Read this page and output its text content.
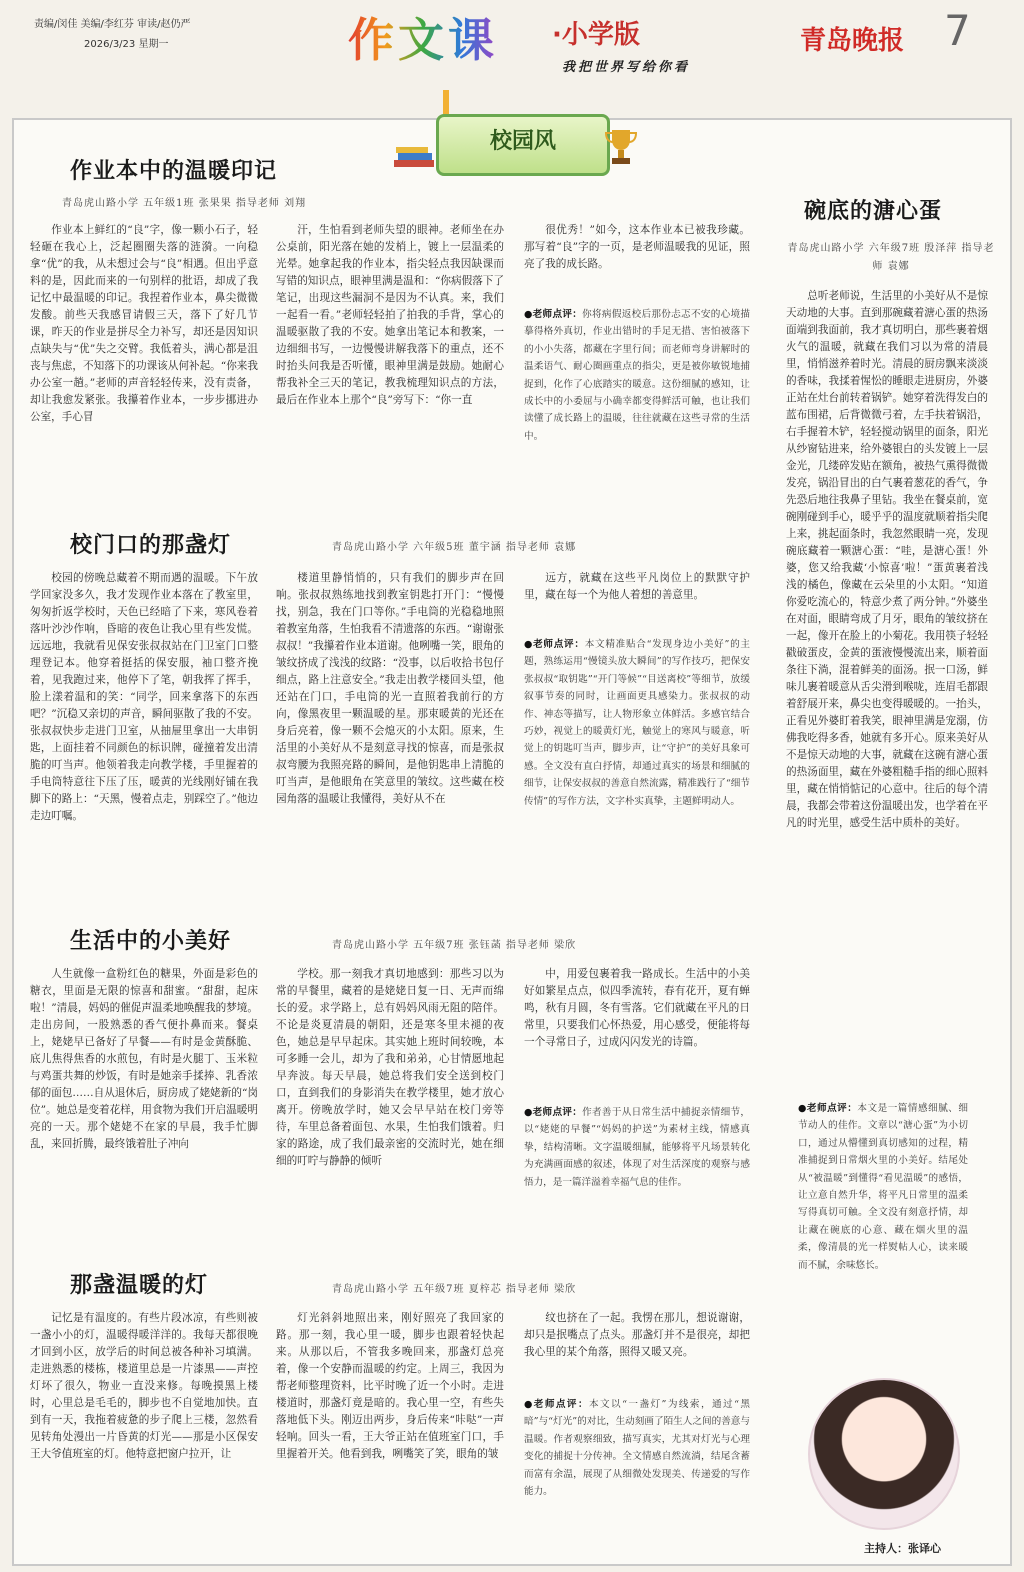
责编/闵佳 美编/李红芬 审读/赵仍严
2026/3/23 星期一	作文课 ·小学版
我把世界写给你看
青岛晚报 7
校园风
作业本中的温暖印记
青岛虎山路小学 五年级1班 张果果 指导老师 刘翔

作业本上鲜红的“良”字，像一颗小石子，轻轻砸在我心上，泛起圈圈失落的涟漪。一向稳拿“优”的我，从未想过会与“良”相遇。但出乎意料的是，因此而来的一句别样的批语，却成了我记忆中最温暖的印记。我捏着作业本，鼻尖微微发酸。前些天我感冒请假三天，落下了好几节课，昨天的作业是拼尽全力补写，却还是因知识点缺失与“优”失之交臂。我低着头，满心都是沮丧与焦虑，不知落下的功课该从何补起。“你来我办公室一趟。”老师的声音轻轻传来，没有责备，却让我愈发紧张。我攥着作业本，一步步挪进办公室，手心冒

汗，生怕看到老师失望的眼神。老师坐在办公桌前，阳光落在她的发梢上，镀上一层温柔的光晕。她拿起我的作业本，指尖轻点我因缺课而写错的知识点，眼神里满是温和：“你病假落下了笔记，出现这些漏洞不是因为不认真。来，我们一起看一看。”老师轻轻拍了拍我的手背，掌心的温暖驱散了我的不安。她拿出笔记本和教案，一边细细书写，一边慢慢讲解我落下的重点，还不时抬头问我是否听懂，眼神里满是鼓励。她耐心帮我补全三天的笔记，教我梳理知识点的方法，最后在作业本上那个“良”旁写下：“你一直

很优秀！”如今，这本作业本已被我珍藏。那写着“良”字的一页，是老师温暖我的见证，照亮了我的成长路。

●老师点评：你将病假返校后那份忐忑不安的心境描摹得格外真切，作业出错时的手足无措、害怕被落下的小小失落，都藏在字里行间；而老师弯身讲解时的温柔语气、耐心圈画重点的指尖，更是被你敏锐地捕捉到，化作了心底踏实的暖意。这份细腻的感知，让成长中的小委屈与小确幸都变得鲜活可触，也让我们读懂了成长路上的温暖，往往就藏在这些寻常的生活中。
碗底的溏心蛋
青岛虎山路小学 六年级7班 殷泽萍 指导老师 袁娜

总听老师说，生活里的小美好从不是惊天动地的大事。直到那碗藏着溏心蛋的热汤面端到我面前，我才真切明白，那些裹着烟火气的温暖，就藏在我们习以为常的清晨里，悄悄滋养着时光。清晨的厨房飘来淡淡的香味，我揉着惺忪的睡眼走进厨房，外婆正站在灶台前转着锅铲。她穿着洗得发白的蓝布围裙，后背微微弓着，左手扶着锅沿，右手握着木铲，轻轻搅动锅里的面条，阳光从纱窗钻进来，给外婆银白的头发镀上一层金光，几缕碎发贴在额角，被热气熏得微微发亮，锅沿冒出的白气裹着葱花的香气，争先恐后地往我鼻子里钻。我坐在餐桌前，宽碗刚碰到手心，暖乎乎的温度就顺着指尖爬上来，挑起面条时，我忽然眼睛一亮，发现碗底藏着一颗溏心蛋：“哇，是溏心蛋！外婆，您又给我藏‘小惊喜’啦！”蛋黄裹着浅浅的橘色，像藏在云朵里的小太阳。“知道你爱吃流心的，特意少煮了两分钟。”外婆坐在对面，眼睛弯成了月牙，眼角的皱纹挤在一起，像开在脸上的小菊花。我用筷子轻轻戳破蛋皮，金黄的蛋液慢慢流出来，顺着面条往下淌，混着鲜美的面汤。抿一口汤，鲜味儿裹着暖意从舌尖滑到喉咙，连眉毛都跟着舒展开来，鼻尖也变得暖暖的。一抬头，正看见外婆盯着我笑，眼神里满是宠溺，仿佛我吃得多香，她就有多开心。原来美好从不是惊天动地的大事，就藏在这碗有溏心蛋的热汤面里，藏在外婆粗糙手指的细心照料里，藏在悄悄惦记的心意中。往后的每个清晨，我都会带着这份温暖出发，也学着在平凡的时光里，感受生活中质朴的美好。

●老师点评：本文是一篇情感细腻、细节动人的佳作。文章以“溏心蛋”为小切口，通过从懵懂到真切感知的过程，精准捕捉到日常烟火里的小美好。结尾处从“被温暖”到懂得“看见温暖”的感悟，让立意自然升华，将平凡日常里的温柔写得真切可触。全文没有刻意抒情，却让藏在碗底的心意、藏在烟火里的温柔，像清晨的光一样熨帖人心，读来暖而不腻，余味悠长。
校门口的那盏灯	青岛虎山路小学 六年级5班 董宇涵 指导老师 袁娜

校园的傍晚总藏着不期而遇的温暖。下午放学回家没多久，我才发现作业本落在了教室里，匆匆折返学校时，天色已经暗了下来，寒风卷着落叶沙沙作响，昏暗的夜色让我心里有些发慌。远远地，我就看见保安张叔叔站在门卫室门口整理登记本。他穿着挺括的保安服，袖口整齐挽着，见我跑过来，他停下了笔，朝我挥了挥手，脸上漾着温和的笑：“同学，回来拿落下的东西吧？”沉稳又亲切的声音，瞬间驱散了我的不安。张叔叔快步走进门卫室，从抽屉里拿出一大串钥匙，上面挂着不同颜色的标识牌，碰撞着发出清脆的叮当声。他领着我走向教学楼，手里握着的手电筒特意往下压了压，暖黄的光线刚好铺在我脚下的路上：“天黑，慢着点走，别踩空了。”他边走边叮嘱。

楼道里静悄悄的，只有我们的脚步声在回响。张叔叔熟练地找到教室钥匙打开门：“慢慢找，别急，我在门口等你。”手电筒的光稳稳地照着教室角落，生怕我看不清遗落的东西。“谢谢张叔叔！”我攥着作业本道谢。他咧嘴一笑，眼角的皱纹挤成了浅浅的纹路：“没事，以后收拾书包仔细点，路上注意安全。”我走出教学楼回头望，他还站在门口，手电筒的光一直照着我前行的方向，像黑夜里一颗温暖的星。那束暖黄的光还在身后亮着，像一颗不会熄灭的小太阳。原来，生活里的小美好从不是刻意寻找的惊喜，而是张叔叔弯腰为我照亮路的瞬间，是他钥匙串上清脆的叮当声，是他眼角在笑意里的皱纹。这些藏在校园角落的温暖让我懂得，美好从不在

远方，就藏在这些平凡岗位上的默默守护里，藏在每一个为他人着想的善意里。

●老师点评：本文精准贴合“发现身边小美好”的主题，熟练运用“慢镜头放大瞬间”的写作技巧，把保安张叔叔“取钥匙”“开门等候”“目送离校”等细节，放缓叙事节奏的同时，让画面更具感染力。张叔叔的动作、神态等描写，让人物形象立体鲜活。多感官结合巧妙，视觉上的暖黄灯光，触觉上的寒风与暖意，听觉上的钥匙叮当声，脚步声，让“守护”的美好具象可感。全文没有直白抒情，却通过真实的场景和细腻的细节，让保安叔叔的善意自然流露，精准践行了“细节传情”的写作方法，文字朴实真挚，主题鲜明动人。
生活中的小美好	青岛虎山路小学 五年级7班 张钰菡 指导老师 梁欣

人生就像一盒粉红色的糖果，外面是彩色的糖衣，里面是无限的惊喜和甜蜜。“甜甜，起床啦！”清晨，妈妈的催促声温柔地唤醒我的梦境。走出房间，一股熟悉的香气便扑鼻而来。餐桌上，姥姥早已备好了早餐——有时是金黄酥脆、底儿焦得焦香的水煎包，有时是火腿丁、玉米粒与鸡蛋共舞的炒饭，有时是她亲手揉捧、乳香浓郁的面包……自从退休后，厨房成了姥姥新的“岗位”。她总是变着花样，用食物为我们开启温暖明亮的一天。那个姥姥不在家的早晨，我手忙脚乱，来回折腾，最终饿着肚子冲向

学校。那一刻我才真切地感到：那些习以为常的早餐里，藏着的是姥姥日复一日、无声而绵长的爱。求学路上，总有妈妈风雨无阻的陪伴。不论是炎夏清晨的朝阳，还是寒冬里未褪的夜色，她总是早早起床。其实她上班时间较晚，本可多睡一会儿，却为了我和弟弟，心甘情愿地起早奔波。每天早晨，她总将我们安全送到校门口，直到我们的身影消失在教学楼里，她才放心离开。傍晚放学时，她又会早早站在校门旁等待，车里总备着面包、水果，生怕我们饿着。归家的路途，成了我们最亲密的交流时光，她在细细的叮咛与静静的倾听

中，用爱包裹着我一路成长。生活中的小美好如繁星点点，似四季流转，春有花开，夏有蝉鸣，秋有月圆，冬有雪落。它们就藏在平凡的日常里，只要我们心怀热爱，用心感受，便能将每一个寻常日子，过成闪闪发光的诗篇。

●老师点评：作者善于从日常生活中捕捉亲情细节，以“姥姥的早餐”“妈妈的护送”为素材主线，情感真挚，结构清晰。文字温暖细腻，能够将平凡场景转化为充满画面感的叙述，体现了对生活深度的观察与感悟力，是一篇洋溢着幸福气息的佳作。
那盏温暖的灯	青岛虎山路小学 五年级7班 夏梓芯 指导老师 梁欣

记忆是有温度的。有些片段冰凉，有些则被一盏小小的灯，温暖得暖洋洋的。我每天都很晚才回到小区，放学后的时间总被各种补习填满。走进熟悉的楼栋，楼道里总是一片漆黑——声控灯坏了很久，物业一直没来修。每晚摸黑上楼时，心里总是毛毛的，脚步也不自觉地加快。直到有一天，我拖着疲惫的步子爬上三楼，忽然看见转角处漫出一片昏黄的灯光——那是小区保安王大爷值班室的灯。他特意把窗户拉开，让

灯光斜斜地照出来，刚好照亮了我回家的路。那一刻，我心里一暖，脚步也跟着轻快起来。从那以后，不管我多晚回来，那盏灯总亮着，像一个安静而温暖的约定。上周三，我因为帮老师整理资料，比平时晚了近一个小时。走进楼道时，那盏灯竟是暗的。我心里一空，有些失落地低下头。刚迈出两步，身后传来“咔哒”一声轻响。回头一看，王大爷正站在值班室门口，手里握着开关。他看到我，咧嘴笑了笑，眼角的皱

纹也挤在了一起。我愣在那儿，想说谢谢，却只是抿嘴点了点头。那盏灯并不是很亮，却把我心里的某个角落，照得又暖又亮。

●老师点评：本文以“一盏灯”为线索，通过“黑暗”与“灯光”的对比，生动刻画了陌生人之间的善意与温暖。作者观察细致，描写真实，尤其对灯光与心理变化的捕捉十分传神。全文情感自然流淌，结尾含蓄而富有余温，展现了从细微处发现美、传递爱的写作能力。
主持人：张译心
